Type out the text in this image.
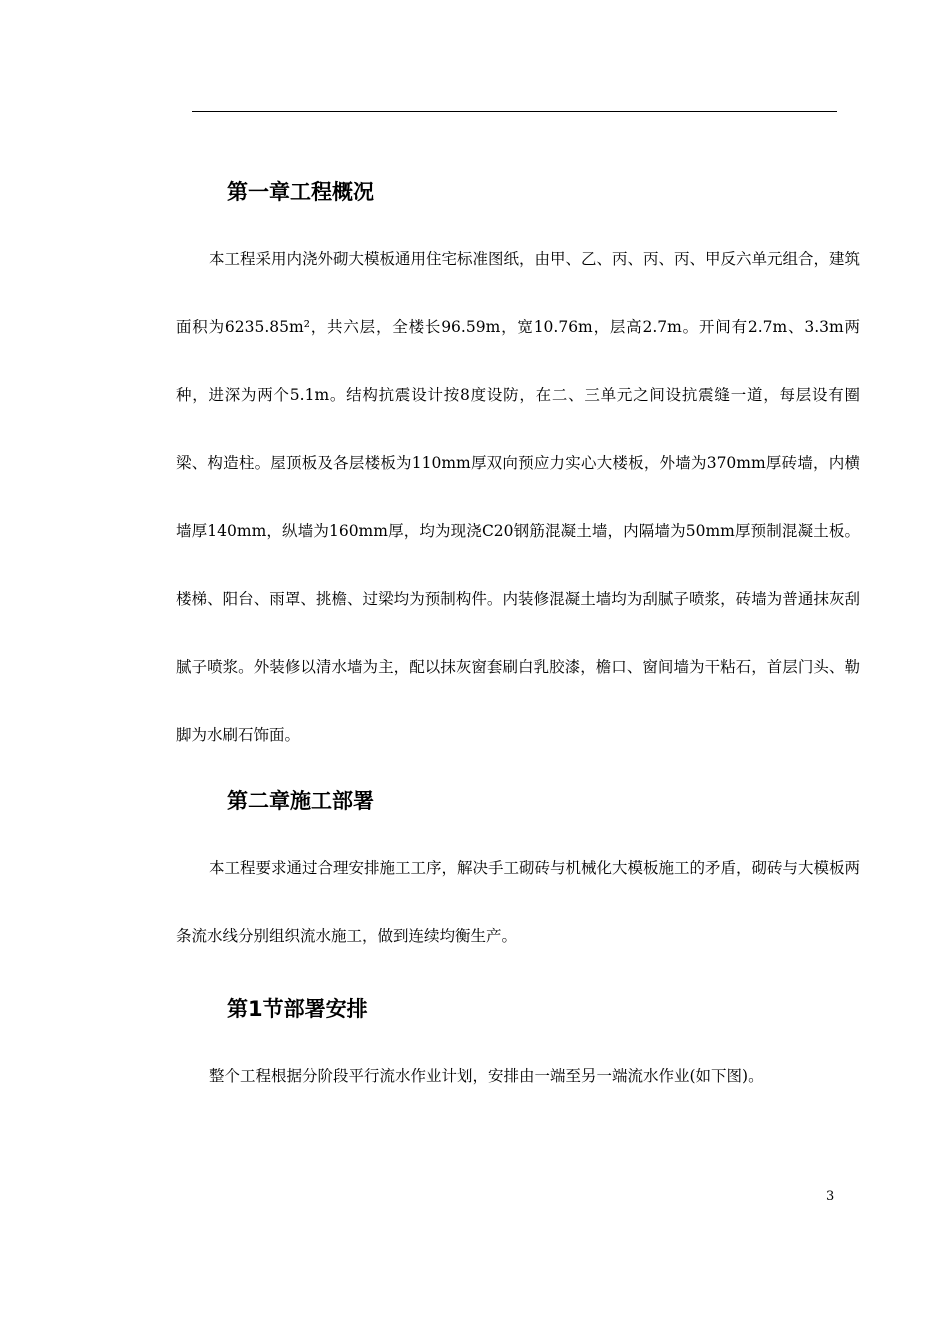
第一章工程概况

本工程采用内浇外砌大模板通用住宅标准图纸，由甲、乙、丙、丙、丙、甲反六单元组合，建筑面积为6235.85m²，共六层，全楼长96.59m，宽10.76m，层高2.7m。开间有2.7m、3.3m两种，进深为两个5.1m。结构抗震设计按8度设防，在二、三单元之间设抗震缝一道，每层设有圈梁、构造柱。屋顶板及各层楼板为110mm厚双向预应力实心大楼板，外墙为370mm厚砖墙，内横墙厚140mm，纵墙为160mm厚，均为现浇C20钢筋混凝土墙，内隔墙为50mm厚预制混凝土板。楼梯、阳台、雨罩、挑檐、过梁均为预制构件。内装修混凝土墙均为刮腻子喷浆，砖墙为普通抹灰刮腻子喷浆。外装修以清水墙为主，配以抹灰窗套刷白乳胶漆，檐口、窗间墙为干粘石，首层门头、勒脚为水刷石饰面。

第二章施工部署

本工程要求通过合理安排施工工序，解决手工砌砖与机械化大模板施工的矛盾，砌砖与大模板两条流水线分别组织流水施工，做到连续均衡生产。

第1节部署安排

整个工程根据分阶段平行流水作业计划，安排由一端至另一端流水作业(如下图)。

3
